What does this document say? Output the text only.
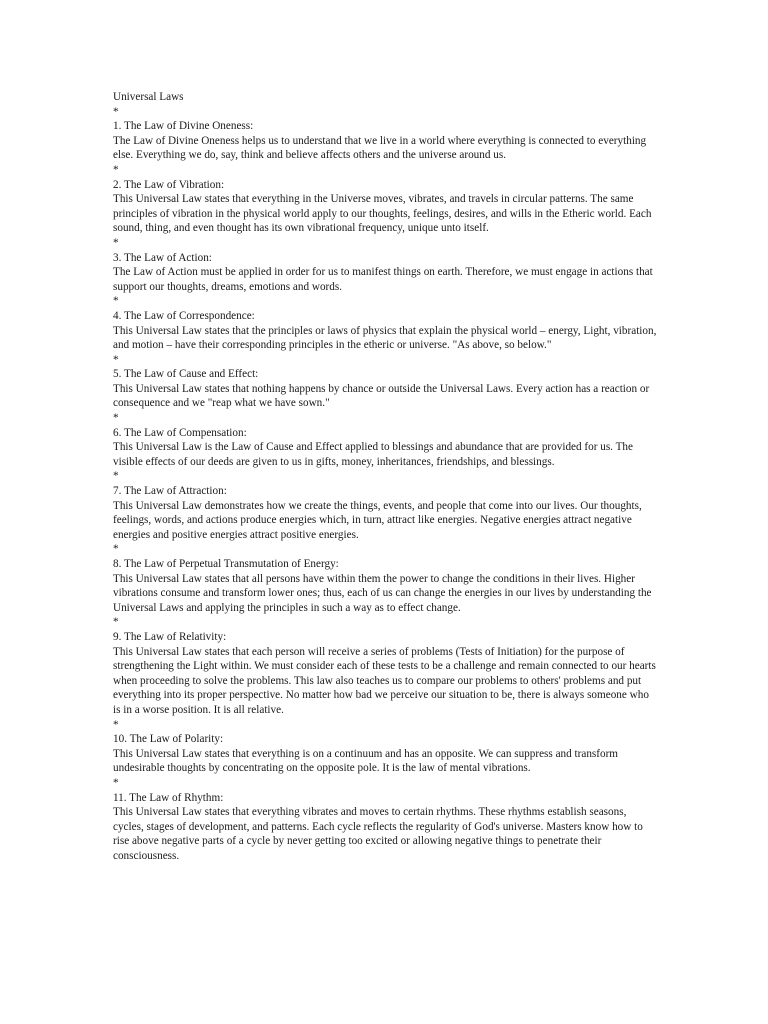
Universal Laws
*
1. The Law of Divine Oneness:
The Law of Divine Oneness helps us to understand that we live in a world where everything is connected to everything else. Everything we do, say, think and believe affects others and the universe around us.
*
2. The Law of Vibration:
This Universal Law states that everything in the Universe moves, vibrates, and travels in circular patterns. The same principles of vibration in the physical world apply to our thoughts, feelings, desires, and wills in the Etheric world. Each sound, thing, and even thought has its own vibrational frequency, unique unto itself.
*
3. The Law of Action:
The Law of Action must be applied in order for us to manifest things on earth. Therefore, we must engage in actions that support our thoughts, dreams, emotions and words.
*
4. The Law of Correspondence:
This Universal Law states that the principles or laws of physics that explain the physical world – energy, Light, vibration, and motion – have their corresponding principles in the etheric or universe. "As above, so below."
*
5. The Law of Cause and Effect:
This Universal Law states that nothing happens by chance or outside the Universal Laws. Every action has a reaction or consequence and we "reap what we have sown."
*
6. The Law of Compensation:
This Universal Law is the Law of Cause and Effect applied to blessings and abundance that are provided for us. The visible effects of our deeds are given to us in gifts, money, inheritances, friendships, and blessings.
*
7. The Law of Attraction:
This Universal Law demonstrates how we create the things, events, and people that come into our lives. Our thoughts, feelings, words, and actions produce energies which, in turn, attract like energies. Negative energies attract negative energies and positive energies attract positive energies.
*
8. The Law of Perpetual Transmutation of Energy:
This Universal Law states that all persons have within them the power to change the conditions in their lives. Higher vibrations consume and transform lower ones; thus, each of us can change the energies in our lives by understanding the Universal Laws and applying the principles in such a way as to effect change.
*
9. The Law of Relativity:
This Universal Law states that each person will receive a series of problems (Tests of Initiation) for the purpose of strengthening the Light within. We must consider each of these tests to be a challenge and remain connected to our hearts when proceeding to solve the problems. This law also teaches us to compare our problems to others' problems and put everything into its proper perspective. No matter how bad we perceive our situation to be, there is always someone who is in a worse position. It is all relative.
*
10. The Law of Polarity:
This Universal Law states that everything is on a continuum and has an opposite. We can suppress and transform undesirable thoughts by concentrating on the opposite pole. It is the law of mental vibrations.
*
11. The Law of Rhythm:
This Universal Law states that everything vibrates and moves to certain rhythms. These rhythms establish seasons, cycles, stages of development, and patterns. Each cycle reflects the regularity of God's universe. Masters know how to rise above negative parts of a cycle by never getting too excited or allowing negative things to penetrate their consciousness.
